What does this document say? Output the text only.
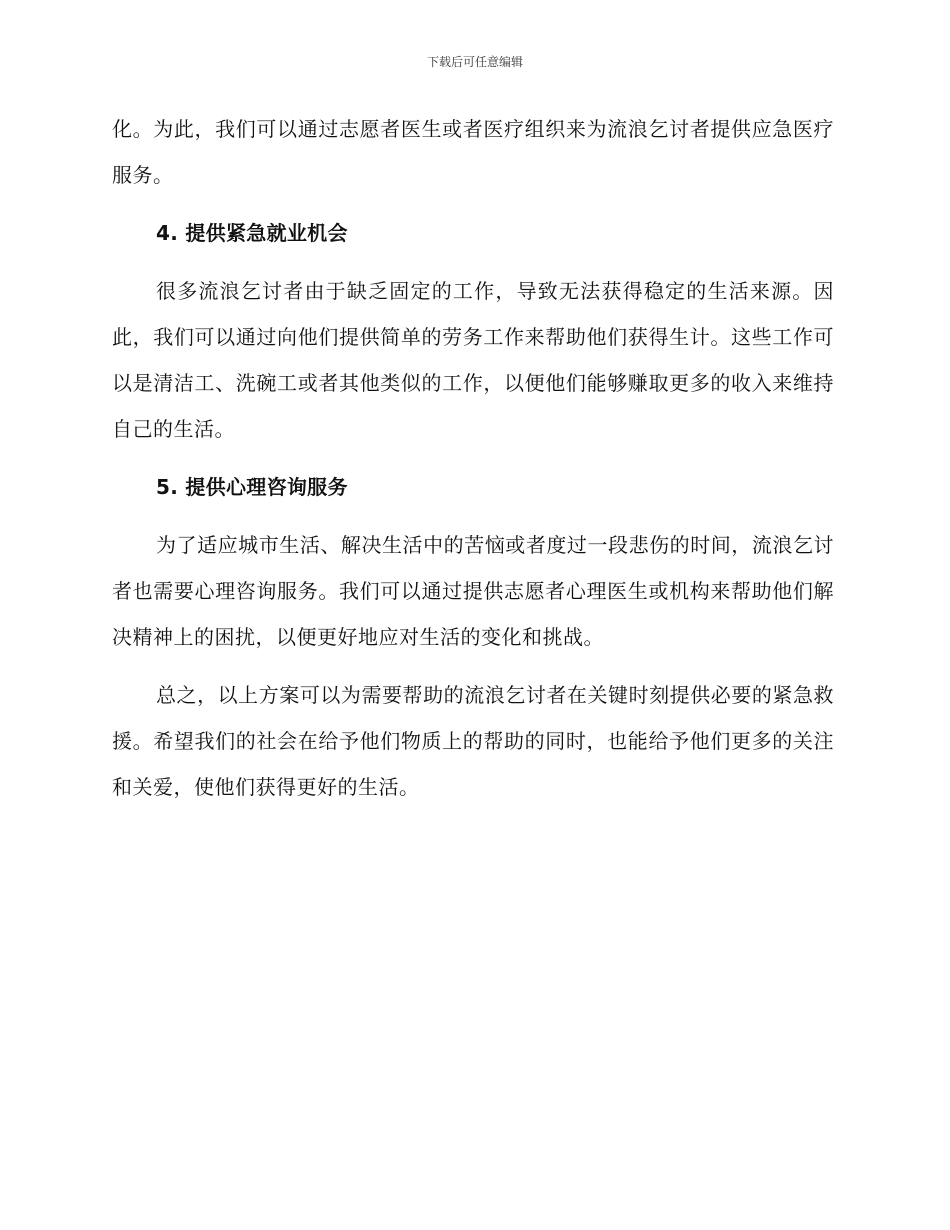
下载后可任意编辑

化。为此，我们可以通过志愿者医生或者医疗组织来为流浪乞讨者提供应急医疗服务。

4. 提供紧急就业机会

很多流浪乞讨者由于缺乏固定的工作，导致无法获得稳定的生活来源。因此，我们可以通过向他们提供简单的劳务工作来帮助他们获得生计。这些工作可以是清洁工、洗碗工或者其他类似的工作，以便他们能够赚取更多的收入来维持自己的生活。

5. 提供心理咨询服务

为了适应城市生活、解决生活中的苦恼或者度过一段悲伤的时间，流浪乞讨者也需要心理咨询服务。我们可以通过提供志愿者心理医生或机构来帮助他们解决精神上的困扰，以便更好地应对生活的变化和挑战。

总之，以上方案可以为需要帮助的流浪乞讨者在关键时刻提供必要的紧急救援。希望我们的社会在给予他们物质上的帮助的同时，也能给予他们更多的关注和关爱，使他们获得更好的生活。
